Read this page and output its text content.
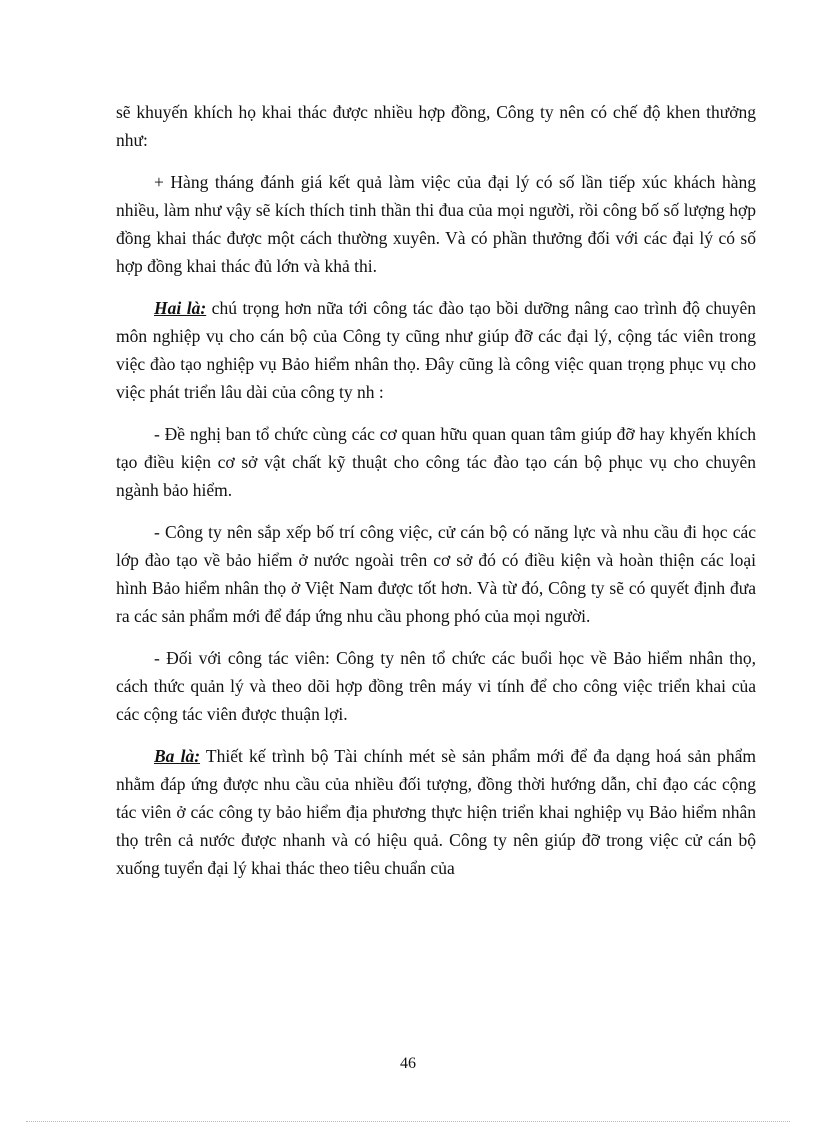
sẽ khuyến khích họ khai thác được nhiều hợp đồng, Công ty nên có chế độ khen thưởng như:

+ Hàng tháng đánh giá kết quả làm việc của đại lý có số lần tiếp xúc khách hàng nhiều, làm như vậy sẽ kích thích tinh thần thi đua của mọi người, rồi công bố số lượng hợp đồng khai thác được một cách thường xuyên. Và có phần thưởng đối với các đại lý có số hợp đồng khai thác đủ lớn và khả thi.

Hai là: chú trọng hơn nữa tới công tác đào tạo bồi dưỡng nâng cao trình độ chuyên môn nghiệp vụ cho cán bộ của Công ty cũng như giúp đỡ các đại lý, cộng tác viên trong việc đào tạo nghiệp vụ Bảo hiểm nhân thọ. Đây cũng là công việc quan trọng phục vụ cho việc phát triển lâu dài của công ty nh :

- Đề nghị ban tổ chức cùng các cơ quan hữu quan quan tâm giúp đỡ hay khyến khích tạo điều kiện cơ sở vật chất kỹ thuật cho công tác đào tạo cán bộ phục vụ cho chuyên ngành bảo hiểm.

- Công ty nên sắp xếp bố trí công việc, cử cán bộ có năng lực và nhu cầu đi học các lớp đào tạo về bảo hiểm ở nước ngoài trên cơ sở đó có điều kiện và hoàn thiện các loại hình Bảo hiểm nhân thọ ở Việt Nam được tốt hơn. Và từ đó, Công ty sẽ có quyết định đưa ra các sản phẩm mới để đáp ứng nhu cầu phong phó của mọi người.

- Đối với công tác viên: Công ty nên tổ chức các buổi học về Bảo hiểm nhân thọ, cách thức quản lý và theo dõi hợp đồng trên máy vi tính để cho công việc triển khai của các cộng tác viên được thuận lợi.

Ba là: Thiết kế trình bộ Tài chính mét sè sản phẩm mới để đa dạng hoá sản phẩm nhằm đáp ứng được nhu cầu của nhiều đối tượng, đồng thời hướng dẫn, chỉ đạo các cộng tác viên ở các công ty bảo hiểm địa phương thực hiện triển khai nghiệp vụ Bảo hiểm nhân thọ trên cả nước được nhanh và có hiệu quả. Công ty nên giúp đỡ trong việc cử cán bộ xuống tuyển đại lý khai thác theo tiêu chuẩn của

46
